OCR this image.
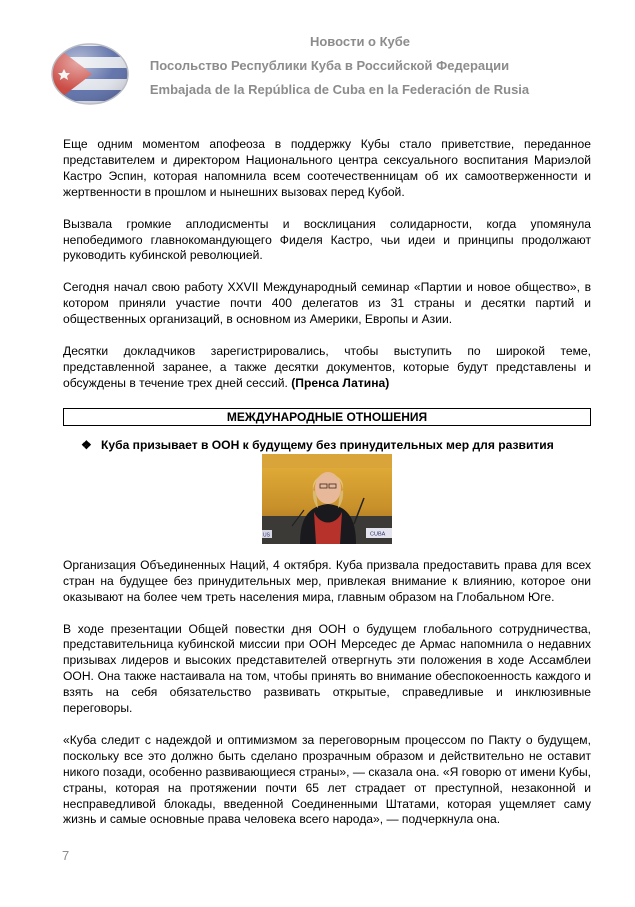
Новости о Кубе
Посольство Республики Куба в Российской Федерации
Embajada de la República de Cuba en la Federación de Rusia

Еще одним моментом апофеоза в поддержку Кубы стало приветствие, переданное представителем и директором Национального центра сексуального воспитания Мариэлой Кастро Эспин, которая напомнила всем соотечественницам об их самоотверженности и жертвенности в прошлом и нынешних вызовах перед Кубой.

Вызвала громкие аплодисменты и восклицания солидарности, когда упомянула непобедимого главнокомандующего Фиделя Кастро, чьи идеи и принципы продолжают руководить кубинской революцией.

Сегодня начал свою работу XXVII Международный семинар «Партии и новое общество», в котором приняли участие почти 400 делегатов из 31 страны и десятки партий и общественных организаций, в основном из Америки, Европы и Азии.

Десятки докладчиков зарегистрировались, чтобы выступить по широкой теме, представленной заранее, а также десятки документов, которые будут представлены и обсуждены в течение трех дней сессий. (Пренса Латина)

МЕЖДУНАРОДНЫЕ ОТНОШЕНИЯ
❖ Куба призывает в ООН к будущему без принудительных мер для развития
US	CUBA

Организация Объединенных Наций, 4 октября. Куба призвала предоставить права для всех стран на будущее без принудительных мер, привлекая внимание к влиянию, которое они оказывают на более чем треть населения мира, главным образом на Глобальном Юге.

В ходе презентации Общей повестки дня ООН о будущем глобального сотрудничества, представительница кубинской миссии при ООН Мерседес де Армас напомнила о недавних призывах лидеров и высоких представителей отвергнуть эти положения в ходе Ассамблеи ООН. Она также настаивала на том, чтобы принять во внимание обеспокоенность каждого и взять на себя обязательство развивать открытые, справедливые и инклюзивные переговоры.

«Куба следит с надеждой и оптимизмом за переговорным процессом по Пакту о будущем, поскольку все это должно быть сделано прозрачным образом и действительно не оставит никого позади, особенно развивающиеся страны», — сказала она. «Я говорю от имени Кубы, страны, которая на протяжении почти 65 лет страдает от преступной, незаконной и несправедливой блокады, введенной Соединенными Штатами, которая ущемляет саму жизнь и самые основные права человека всего народа», — подчеркнула она.

7
